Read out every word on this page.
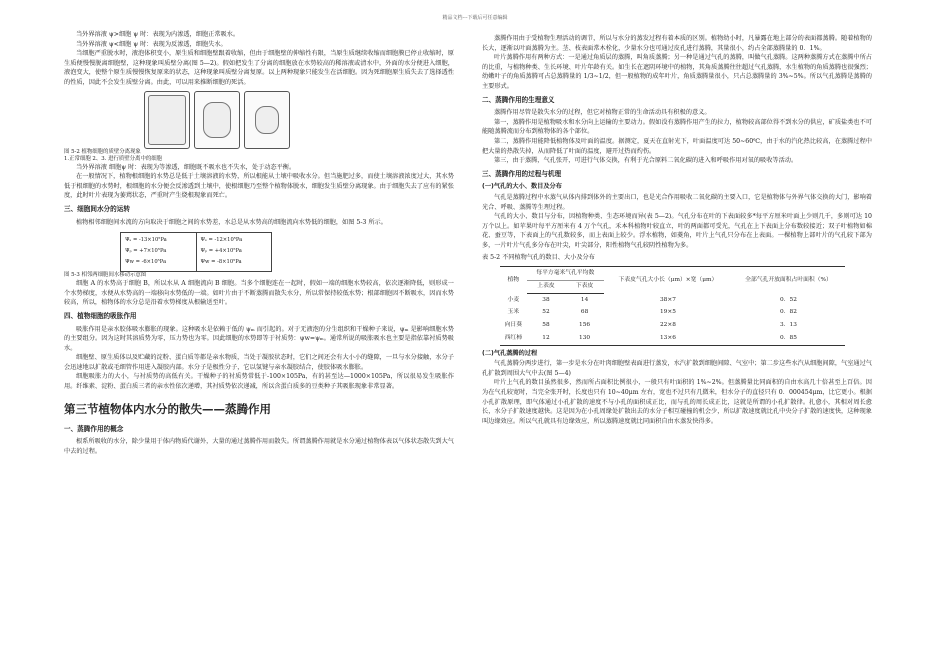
精品文档---下载后可任意编辑

当外界溶液 ψ>细胞 ψ 时：表现为内渗透，细胞正常吸水。

当外界溶液 ψ<细胞 ψ 时：表现为反渗透，细胞失水。

当细胞严重脱水时，液泡体积变小，原生质和细胞壁跟着收缩，但由于细胞壁的伸缩性有限，当原生质继续收缩而细胞膜已停止收缩时，原生质便慢慢脱离细胞壁，这种现象叫质壁分离(图 5—2)。假如把发生了分离的细胞放在水势较高的稀溶液或清水中，外面的水分便进入细胞，液泡变大，使整个原生质慢慢恢复原来的状态，这种现象叫质壁分离复原。以上两种现象只能发生在活细胞。因为死细胞原生质失去了选择透性的性质，因此不会发生质壁分离。由此，可以用来推断细胞的死活。

图 5-2 植物细胞的质壁分离现象

1.正常细胞 2、3. 进行质壁分离中的细胞

当外界溶液 细胞ψ 时：表现为等渗透，细胞既不吸水也不失水，处于动态平衡。

在一般情况下，植物根细胞的水势总是低于土壤溶液的水势，所以根能从土壤中吸收水分。但当施肥过多，而使土壤溶液浓度过大，其水势低于根细胞的水势时，根细胞的水分便会反渗透到土壤中，使根细胞乃至整个植物体脱水，细胞发生质壁分离现象。由于细胞失去了应有的紧张度，此时叶片表现为萎蔫状态，严重时产生烧根现象而死亡。

三、细胞间水分的运转

植物相邻细胞间水流的方向取决于细胞之间的水势差，水总是从水势高的细胞流向水势低的细胞，如图 5-3 所示。

Ψₛ = -13×10⁵Pa
Ψₚ = +7×10⁵Pa
Ψw = -6×10⁵Pa
Ψₛ = -12×10⁵Pa
Ψₚ = +4×10⁵Pa
Ψw = -8×10⁵Pa

图 5-3 相邻两细胞间水移动示意图

细胞 A 的水势高于细胞 B，所以水从 A 细胞流向 B 细胞。当多个细胞连在一起时，假如一端的细胞水势较高，依次逐渐降低，则形成一个水势梯度，水便从水势高的一端移向水势低的一端。如叶片由于不断蒸腾而散失水分，所以常保持较低水势；根部细胞因不断吸水，因而水势较高，所以，植物体的水分总是沿着水势梯度从根输送至叶。

四、植物细胞的吸胀作用

吸胀作用是亲水胶体吸水膨胀的现象。这种吸水是依赖于低的 ψₘ 而引起的。对于无液泡的分生组织和干燥种子来说，ψₘ 是影响细胞水势的主要组分。因为这时其溶质势为零，压力势也为零。因此细胞的水势即等于衬质势：ψw=ψₘ。通常所说的吸胀吸水也主要是指依靠衬质势吸水。

细胞壁、原生质体以及贮藏的淀粉、蛋白质等都是亲水物质，当处于凝胶状态时，它们之间还会有大小小的缝隙，一旦与水分接触，水分子会迅速地以扩散或毛细管作用进入凝胶内部。水分子是极性分子，它以氢键与亲水凝胶结合，使胶体吸水膨胀。

细胞吸胀力的大小，与衬质势的高低有关。干燥种子的衬质势常低于-100×105Pa，有的甚至达—1000×105Pa，所以很易发生吸胀作用。纤维素、淀粉、蛋白质三者的亲水性依次递增，其衬质势依次递减，所以含蛋白质多的豆类种子其吸胀现象非常显著。

第三节植物体内水分的散失——蒸腾作用
一、蒸腾作用的概念

根系所吸收的水分，除少量用于体内物质代谢外，大量的通过蒸腾作用而散失。所谓蒸腾作用就是水分通过植物体表以气体状态散失到大气中去的过程。

蒸腾作用由于受植物生理活动的调节，所以与水分的蒸发过程有着本质的区别。植物幼小时，凡暴露在地上部分的表面都蒸腾。随着植物的长大，逐渐以叶面蒸腾为主。茎、枝表面常木栓化，少量水分也可通过皮孔进行蒸腾，其量很小，约占全部蒸腾量的 0．1%。

叶片蒸腾作用有两种方式：一是通过角质层的蒸腾，叫角质蒸腾；另一种是通过气孔的蒸腾，叫做气孔蒸腾。这两种蒸腾方式在蒸腾中所占的比重，与植物种类、生长环境、叶片年龄有关。如生长在遮阴环境中的植物，其角质蒸腾往往超过气孔蒸腾，水生植物的角质蒸腾也很强烈；幼嫩叶子的角质蒸腾可占总蒸腾量的 1/3~1/2，但一般植物的成年叶片，角质蒸腾量很小，只占总蒸腾量的 3%~5%。所以气孔蒸腾是蒸腾的主要形式。

二、蒸腾作用的生理意义

蒸腾作用尽管是散失水分的过程，但它对植物正常的生命活动具有积极的意义。

第一，蒸腾作用是植物吸水和水分向上运输的主要动力。假如没有蒸腾作用产生的拉力，植物较高部位得不到水分的供应，矿质盐类也不可能随蒸腾流而分布到植物体的各个部位。

第二，蒸腾作用能降低植物体及叶面的温度。据测定，夏天在直射光下，叶面温度可达 50~60℃，由于水的汽化热比较高，在蒸腾过程中把大量的热散失掉，从而降低了叶面的温度，避开过热而灼伤。

第三，由于蒸腾，气孔张开，可进行气体交换，有利于光合原料二氧化碳的进入和呼吸作用对氧的吸收等活动。

三、蒸腾作用的过程与机理
(一)气孔的大小、数目及分布

气孔是蒸腾过程中水蒸气从体内排到体外的主要出口，也是光合作用吸收二氧化碳的主要入口，它是植物体与外界气体交换的大门，影响着光合、呼吸、蒸腾等生理过程。

气孔的大小、数目与分布，因植物种类、生态环境而异(表 5—2)。气孔分布在叶的下表面较多*每平方厘米叶面上少则几千，多则可达 10 万个以上。如苹果叶每平方厘米有 4 万个气孔，禾本科植物叶较直立，叶的两面都可受光，气孔在上下表面上分布数较接近；双子叶植物如棉花、蚕豆等，下表面上的气孔数较多，而上表面上较少。浮水植物，如菱角，叶片上气孔只分布在上表面。一棵植物上部叶片的气孔较下部为多，一片叶片气孔多分布在叶尖，叶尖部分，阳性植物气孔较阴性植物为多。

表 5-2 不同植物气孔的数目、大小及分布

植物	每平方毫米气孔平均数		下表皮气孔大小长（μm）×宽（μm）	全部气孔开放面积占叶面积（%）
	上表皮	下表皮		
小麦	38	14	38×7	0．52
玉米	52	68	19×5	0．82
向日葵	58	156	22×8	3．13
西红柿	12	130	13×6	0．85
(二)气孔蒸腾的过程

气孔蒸腾分两步进行，第一步是水分在叶肉细胞壁表面进行蒸发，水汽扩散到细胞间隙、气室中；第二步这些水汽从细胞间隙，气室通过气孔扩散到周围大气中去(图 5—4)

叶片上气孔的数目虽然很多，然而所占面积比例很小，一般只有叶面积的 1%~2%。但蒸腾量比同面积的自由水高几十倍甚至上百倍。因为在气孔较宽时，当完全张开时，长度也只有 10~40μm 左右，宽也不过只有几微米，但水分子的直径只有 0．000454μm，比它更小。根据小孔扩散原理，即气体通过小孔扩散的速度不与小孔的面积成正比，而与孔的周长成正比，这就是所谓的小孔扩散律。扎愈小，其相对周长愈长，水分子扩散速度越快。这是因为在小孔周缘处扩散出去的水分子相互碰撞的机会少，所以扩散速度就比孔中央分子扩散的速度快，这种现象叫边缘效应。所以气孔就具有边缘效应，所以蒸腾速度就比同面积自由水蒸发快得多。
